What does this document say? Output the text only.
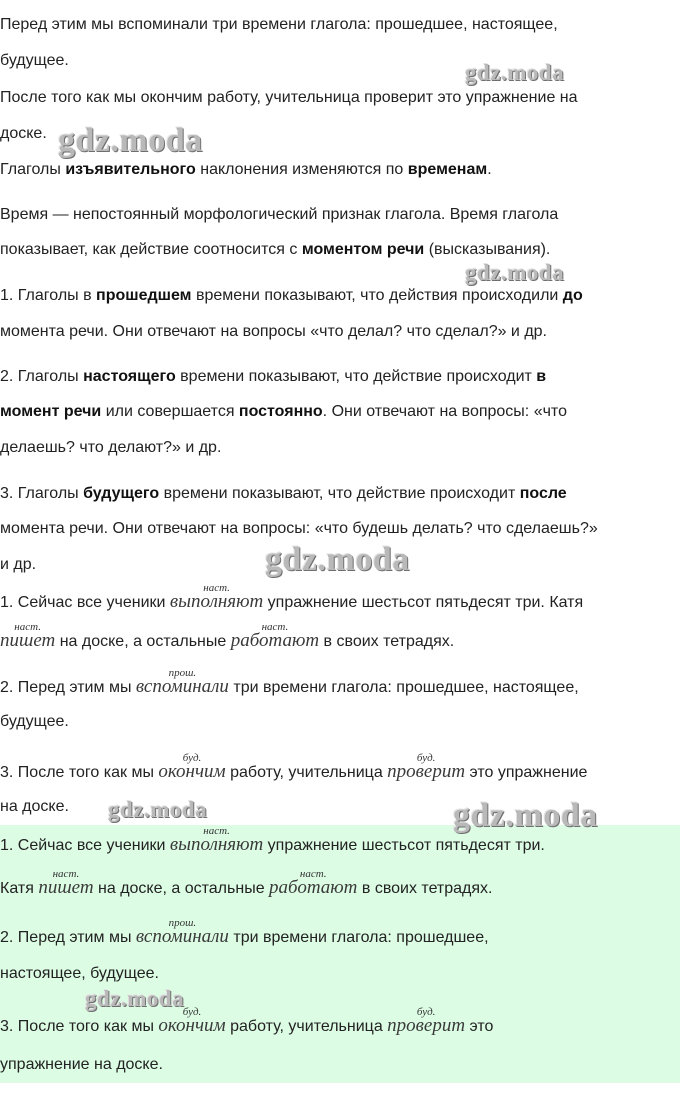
Перед этим мы вспоминали три времени глагола: прошедшее, настоящее,
будущее.
После того как мы окончим работу, учительница проверит это упражнение на
доске.
Глаголы изъявительного наклонения изменяются по временам.
Время — непостоянный морфологический признак глагола. Время глагола
показывает, как действие соотносится с моментом речи (высказывания).
1. Глаголы в прошедшем времени показывают, что действия происходили до
момента речи. Они отвечают на вопросы «что делал? что сделал?» и др.
2. Глаголы настоящего времени показывают, что действие происходит в
момент речи или совершается постоянно. Они отвечают на вопросы: «что
делаешь? что делают?» и др.
3. Глаголы будущего времени показывают, что действие происходит после
момента речи. Они отвечают на вопросы: «что будешь делать? что сделаешь?»
и др.
1. Сейчас все ученики
наст.
выполняют упражнение шестьсот пятьдесят три. Катя
наст.
пишет на доске, а остальные
наст.
работают в своих тетрадях.
2. Перед этим мы
прош.
вспоминали три времени глагола: прошедшее, настоящее,
будущее.
3. После того как мы
буд.
окончим работу, учительница
буд.
проверит это упражнение
на доске.
1. Сейчас все ученики
наст.
выполняют упражнение шестьсот пятьдесят три.
Катя
наст.
пишет на доске, а остальные
наст.
работают в своих тетрадях.
2. Перед этим мы
прош.
вспоминали три времени глагола: прошедшее,
настоящее, будущее.
3. После того как мы
буд.
окончим работу, учительница
буд.
проверит это
упражнение на доске.
gdz.moda
gdz.moda
gdz.moda
gdz.moda
gdz.moda	gdz.moda
gdz.moda
